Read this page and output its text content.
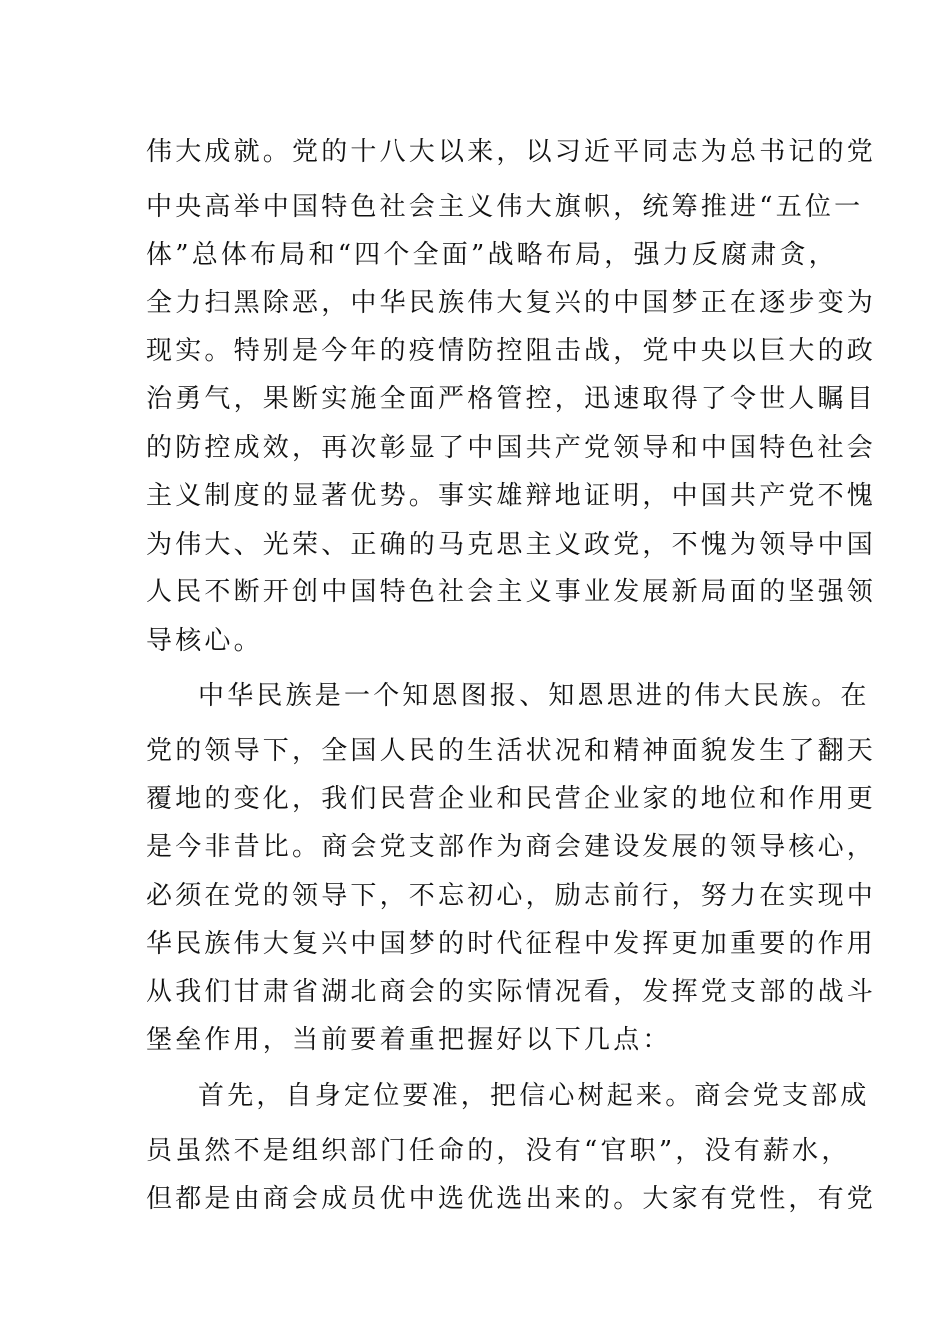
伟大成就。党的十八大以来，以习近平同志为总书记的党
中央高举中国特色社会主义伟大旗帜，统筹推进“五位一
体”总体布局和“四个全面”战略布局，强力反腐肃贪，
全力扫黑除恶，中华民族伟大复兴的中国梦正在逐步变为
现实。特别是今年的疫情防控阻击战，党中央以巨大的政
治勇气，果断实施全面严格管控，迅速取得了令世人瞩目
的防控成效，再次彰显了中国共产党领导和中国特色社会
主义制度的显著优势。事实雄辩地证明，中国共产党不愧
为伟大、光荣、正确的马克思主义政党，不愧为领导中国
人民不断开创中国特色社会主义事业发展新局面的坚强领
导核心。
中华民族是一个知恩图报、知恩思进的伟大民族。在
党的领导下，全国人民的生活状况和精神面貌发生了翻天
覆地的变化，我们民营企业和民营企业家的地位和作用更
是今非昔比。商会党支部作为商会建设发展的领导核心，
必须在党的领导下，不忘初心，励志前行，努力在实现中
华民族伟大复兴中国梦的时代征程中发挥更加重要的作用
从我们甘肃省湖北商会的实际情况看，发挥党支部的战斗
堡垒作用，当前要着重把握好以下几点：
首先，自身定位要准，把信心树起来。商会党支部成
员虽然不是组织部门任命的，没有“官职”，没有薪水，
但都是由商会成员优中选优选出来的。大家有党性，有党
